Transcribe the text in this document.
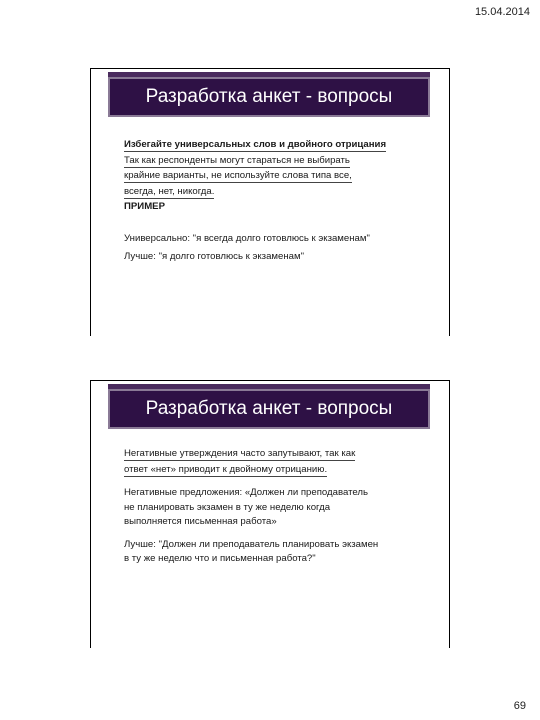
15.04.2014
Разработка анкет - вопросы
Избегайте универсальных слов и двойного отрицания
Так как респонденты могут стараться не выбирать
крайние варианты, не используйте слова типа все,
всегда, нет, никогда.
ПРИМЕР
Универсально: "я всегда долго готовлюсь к экзаменам"
Лучше: "я долго готовлюсь к экзаменам"
Разработка анкет - вопросы
Негативные утверждения часто запутывают, так как
ответ «нет» приводит к двойному отрицанию.
Негативные предложения: «Должен ли преподаватель
не планировать экзамен в ту же неделю когда
выполняется письменная работа»
Лучше: "Должен ли преподаватель планировать экзамен
в ту же неделю что и письменная работа?"
69
